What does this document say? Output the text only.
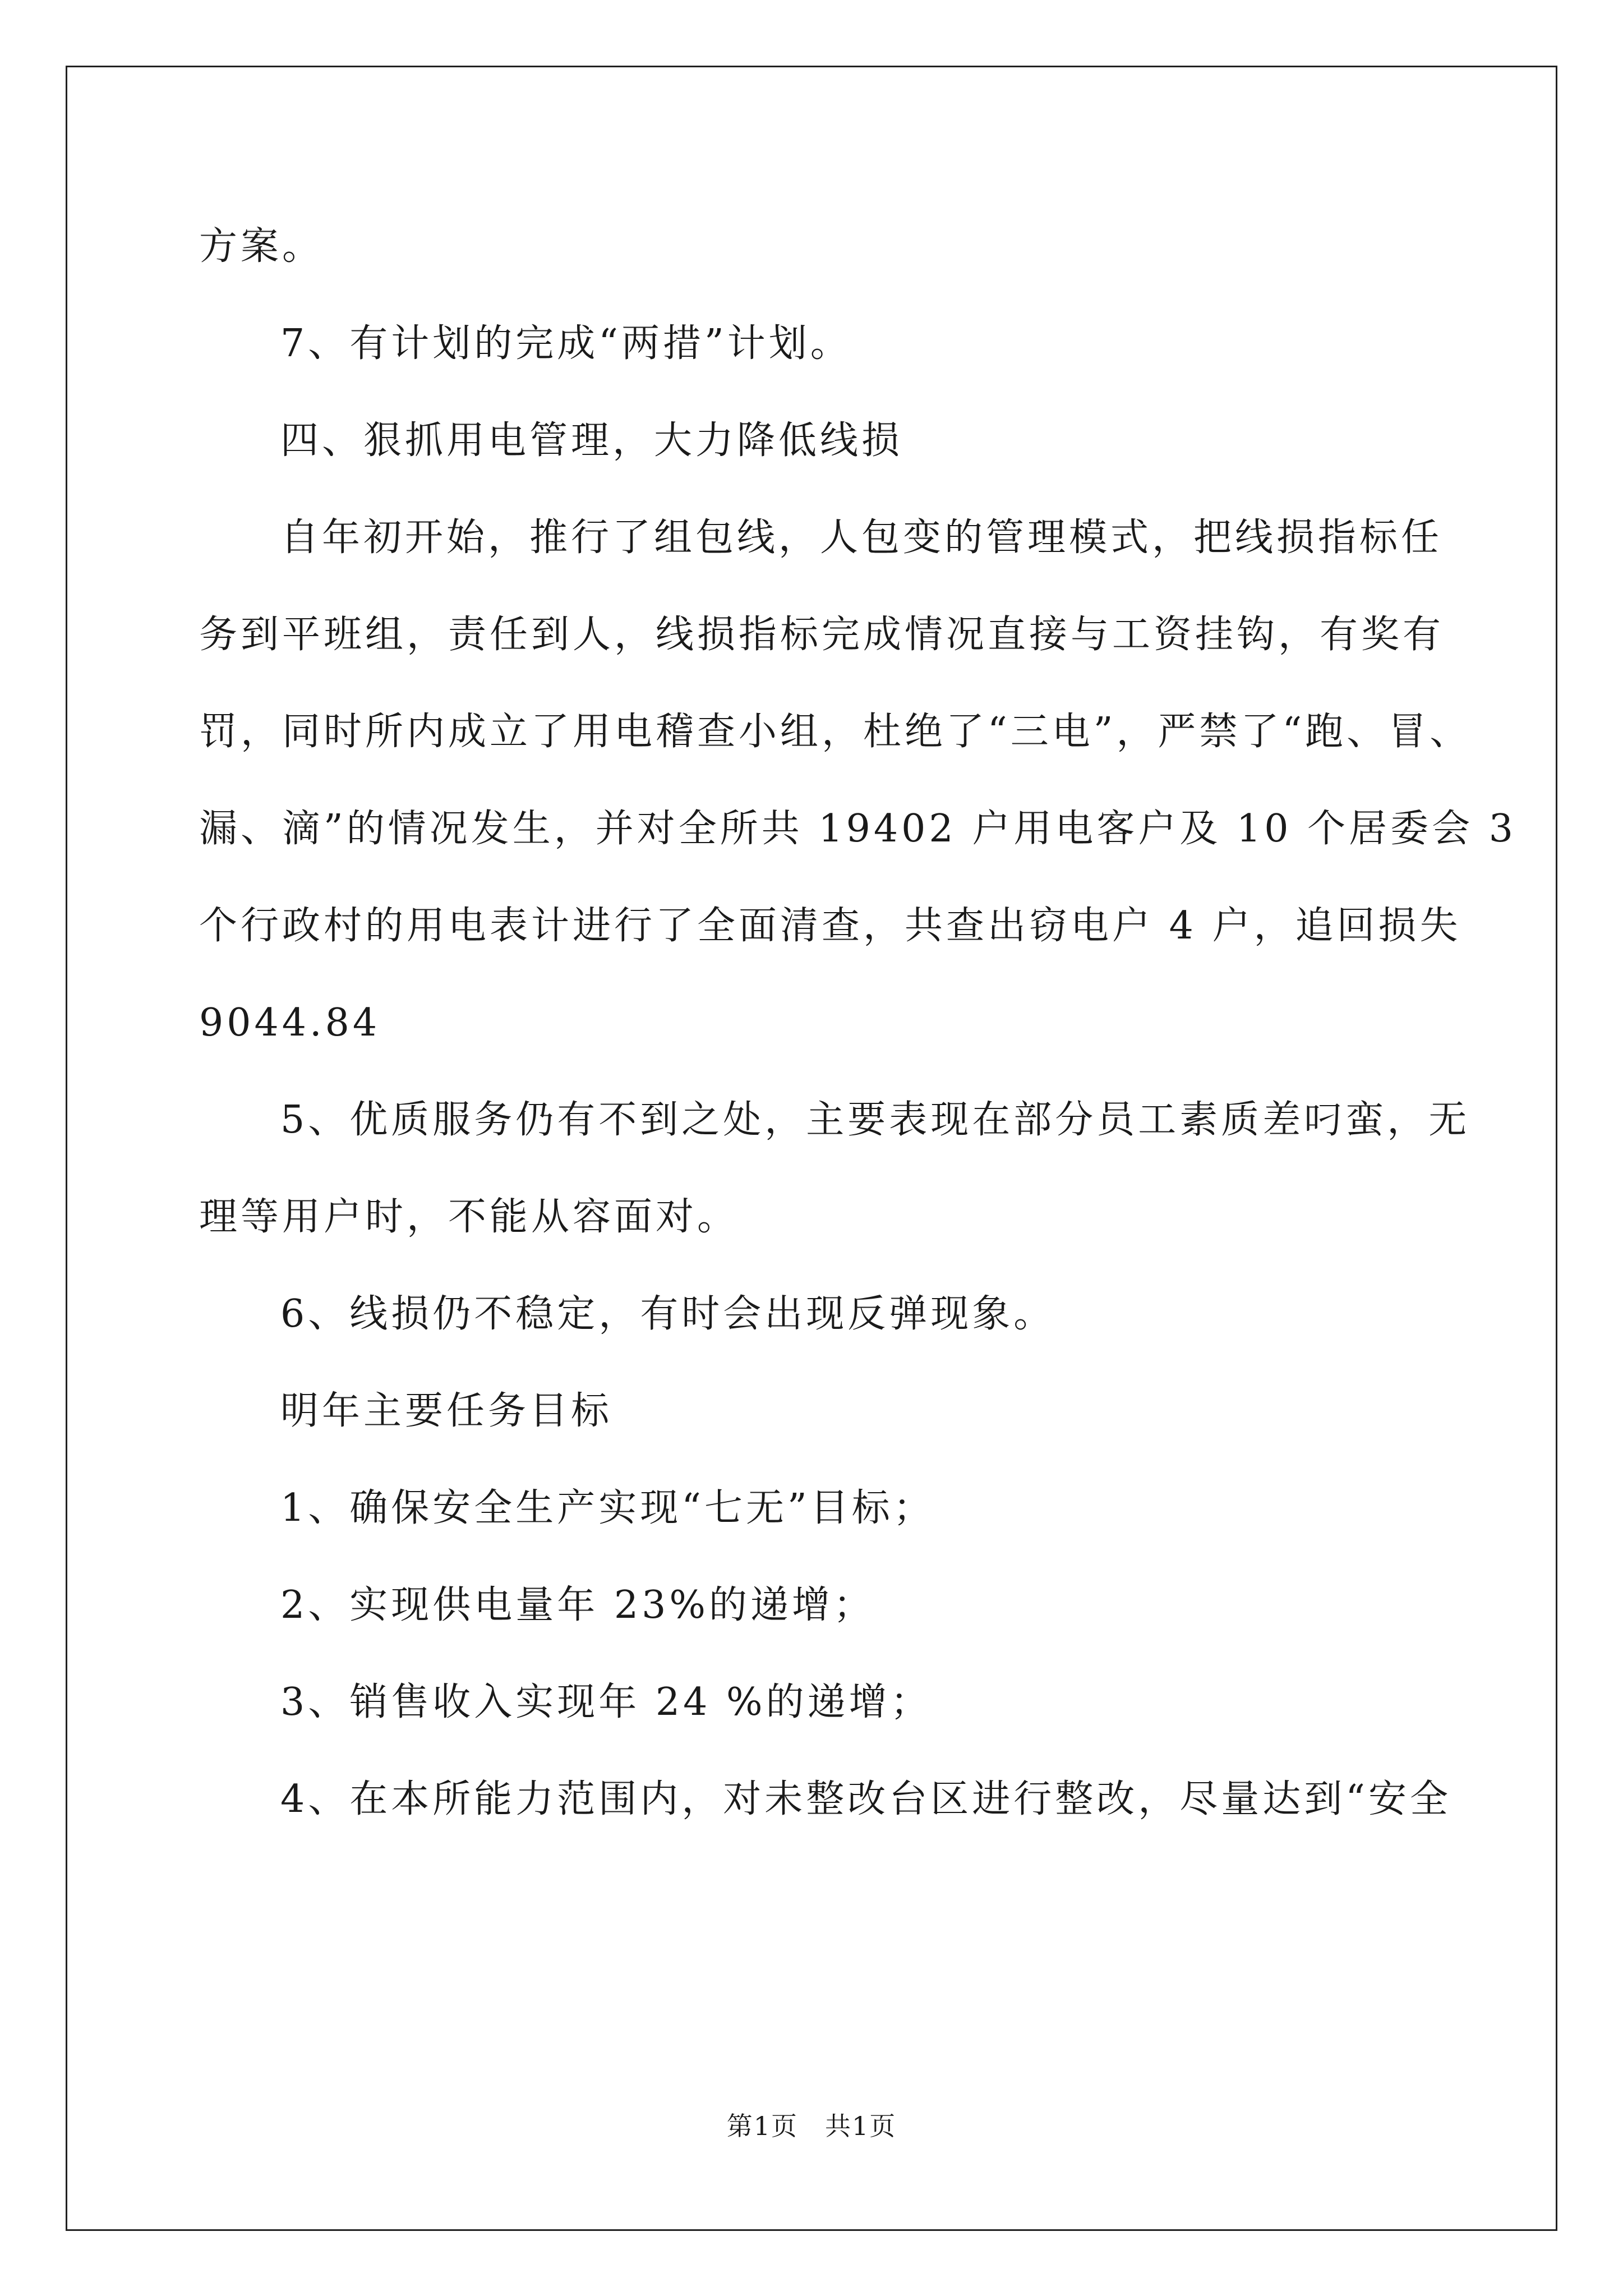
方案。
7、有计划的完成“两措”计划。
四、狠抓用电管理，大力降低线损
自年初开始，推行了组包线，人包变的管理模式，把线损指标任
务到平班组，责任到人，线损指标完成情况直接与工资挂钩，有奖有
罚，同时所内成立了用电稽查小组，杜绝了“三电”，严禁了“跑、冒、
漏、滴”的情况发生，并对全所共 19402 户用电客户及 10 个居委会 3
个行政村的用电表计进行了全面清查，共查出窃电户 4 户，追回损失
9044.84
5、优质服务仍有不到之处，主要表现在部分员工素质差叼蛮，无
理等用户时，不能从容面对。
6、线损仍不稳定，有时会出现反弹现象。
明年主要任务目标
1、确保安全生产实现“七无”目标；
2、实现供电量年 23%的递增；
3、销售收入实现年 24 %的递增；
4、在本所能力范围内，对未整改台区进行整改，尽量达到“安全
第1页　共1页
